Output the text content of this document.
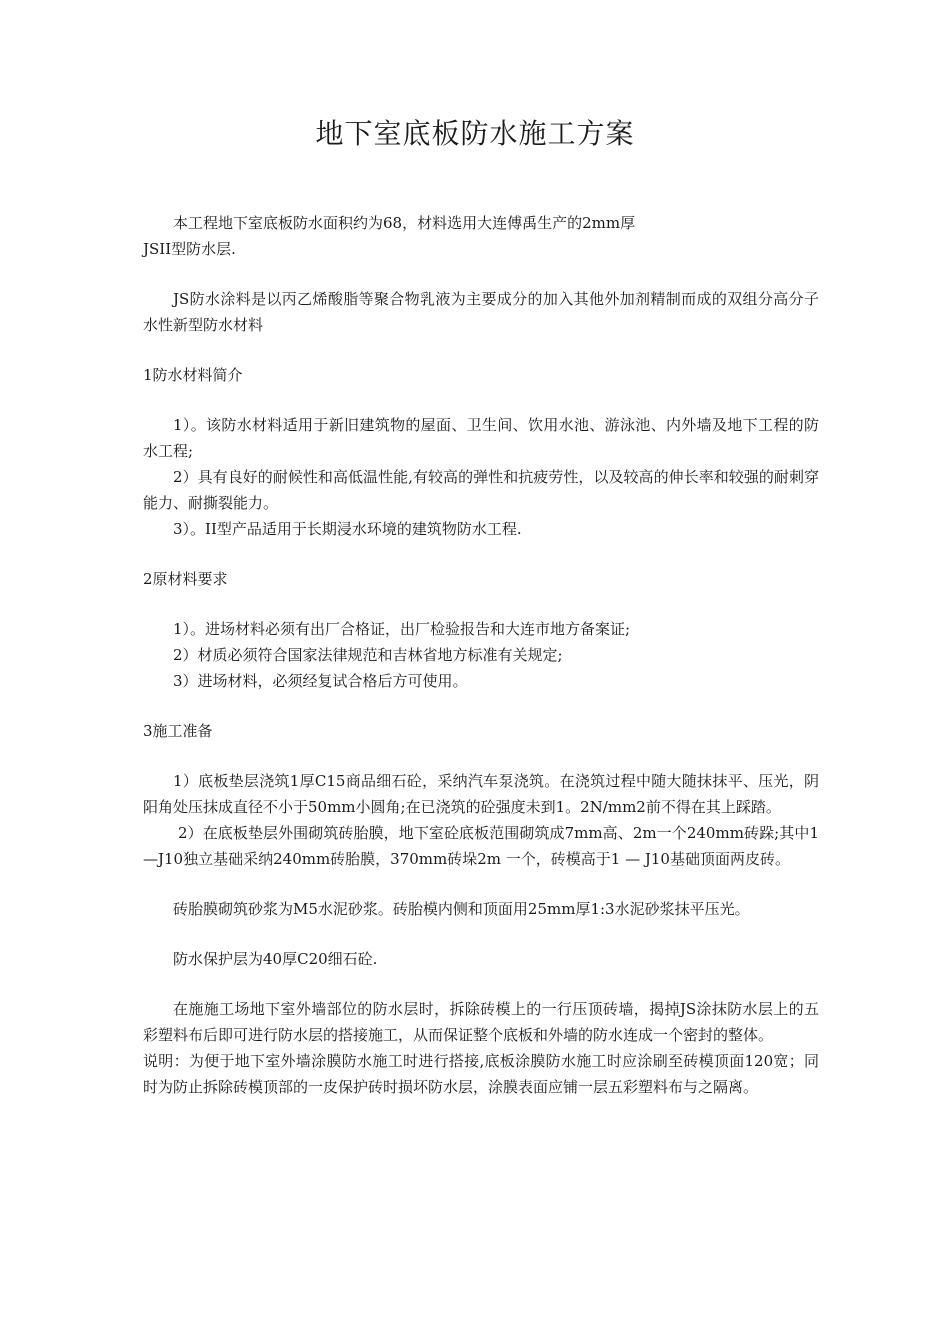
地下室底板防水施工方案

本工程地下室底板防水面积约为68，材料选用大连傅禹生产的2mm厚

JSII型防水层.

JS防水涂料是以丙乙烯酸脂等聚合物乳液为主要成分的加入其他外加剂精制而成的双组分高分子水性新型防水材料

1防水材料简介

1）。该防水材料适用于新旧建筑物的屋面、卫生间、饮用水池、游泳池、内外墙及地下工程的防水工程;

2）具有良好的耐候性和高低温性能,有较高的弹性和抗疲劳性，以及较高的伸长率和较强的耐刺穿能力、耐撕裂能力。

3）。II型产品适用于长期浸水环境的建筑物防水工程.

2原材料要求

1）。进场材料必须有出厂合格证，出厂检验报告和大连市地方备案证;

2）材质必须符合国家法律规范和吉林省地方标准有关规定;

3）进场材料，必须经复试合格后方可使用。

3施工准备

1）底板垫层浇筑1厚C15商品细石砼，采纳汽车泵浇筑。在浇筑过程中随大随抹抹平、压光，阴阳角处压抹成直径不小于50mm小圆角;在已浇筑的砼强度未到1。2N/mm2前不得在其上踩踏。

2）在底板垫层外围砌筑砖胎膜，地下室砼底板范围砌筑成7mm高、2m一个240mm砖跺;其中1 —J10独立基础采纳240mm砖胎膜，370mm砖垛2m 一个，砖模高于1 — J10基础顶面两皮砖。

砖胎膜砌筑砂浆为M5水泥砂浆。砖胎模内侧和顶面用25mm厚1:3水泥砂浆抹平压光。

防水保护层为40厚C20细石砼.

在施施工场地下室外墙部位的防水层时，拆除砖模上的一行压顶砖墙，揭掉JS涂抹防水层上的五彩塑料布后即可进行防水层的搭接施工，从而保证整个底板和外墙的防水连成一个密封的整体。

说明：为便于地下室外墙涂膜防水施工时进行搭接,底板涂膜防水施工时应涂刷至砖模顶面120宽；同时为防止拆除砖模顶部的一皮保护砖时损坏防水层，涂膜表面应铺一层五彩塑料布与之隔离。
